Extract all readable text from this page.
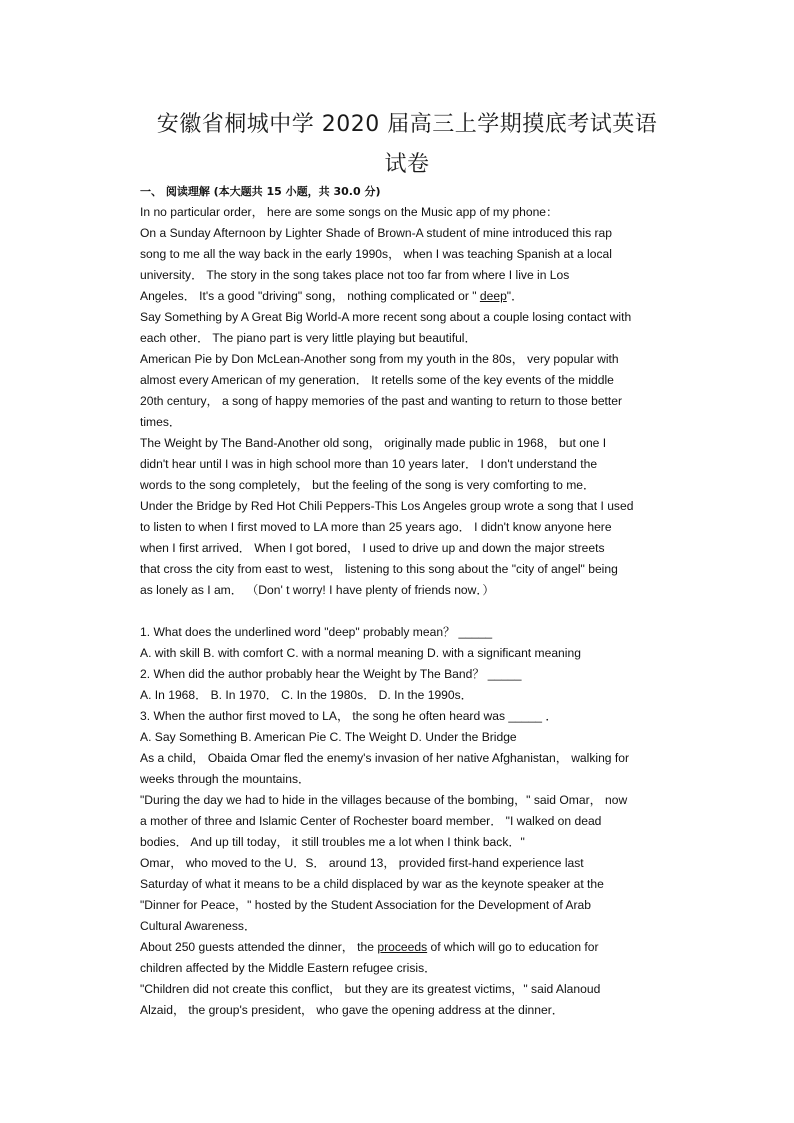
安徽省桐城中学 2020 届高三上学期摸底考试英语
试卷
一、 阅读理解 (本大题共 15 小题，共 30.0 分)
In no particular order， here are some songs on the Music app of my phone：
On a Sunday Afternoon by Lighter Shade of Brown-A student of mine introduced this rap
song to me all the way back in the early 1990s， when I was teaching Spanish at a local
university． The story in the song takes place not too far from where I live in Los
Angeles． It's a good "driving" song， nothing complicated or " deep"．
Say Something by A Great Big World-A more recent song about a couple losing contact with
each other． The piano part is very little playing but beautiful．
American Pie by Don McLean-Another song from my youth in the 80s， very popular with
almost every American of my generation． It retells some of the key events of the middle
20th century， a song of happy memories of the past and wanting to return to those better
times．
The Weight by The Band-Another old song， originally made public in 1968， but one I
didn't hear until I was in high school more than 10 years later． I don't understand the
words to the song completely， but the feeling of the song is very comforting to me．
Under the Bridge by Red Hot Chili Peppers-This Los Angeles group wrote a song that I used
to listen to when I first moved to LA more than 25 years ago． I didn't know anyone here
when I first arrived． When I got bored， I used to drive up and down the major streets
that cross the city from east to west， listening to this song about the "city of angel" being
as lonely as I am． （Don' t worry! I have plenty of friends now．）
1. What does the underlined word "deep" probably mean？ _____
A. with skill B. with comfort C. with a normal meaning D. with a significant meaning
2. When did the author probably hear the Weight by The Band？ _____
A. In 1968． B. In 1970． C. In the 1980s． D. In the 1990s．
3. When the author first moved to LA， the song he often heard was _____ ．
A. Say Something B. American Pie C. The Weight D. Under the Bridge
As a child， Obaida Omar fled the enemy's invasion of her native Afghanistan， walking for
weeks through the mountains．
"During the day we had to hide in the villages because of the bombing，" said Omar， now
a mother of three and Islamic Center of Rochester board member． "I walked on dead
bodies． And up till today， it still troubles me a lot when I think back．"
Omar， who moved to the U．S． around 13， provided first-hand experience last
Saturday of what it means to be a child displaced by war as the keynote speaker at the
"Dinner for Peace，" hosted by the Student Association for the Development of Arab
Cultural Awareness．
About 250 guests attended the dinner， the proceeds of which will go to education for
children affected by the Middle Eastern refugee crisis．
"Children did not create this conflict， but they are its greatest victims，" said Alanoud
Alzaid， the group's president， who gave the opening address at the dinner．
